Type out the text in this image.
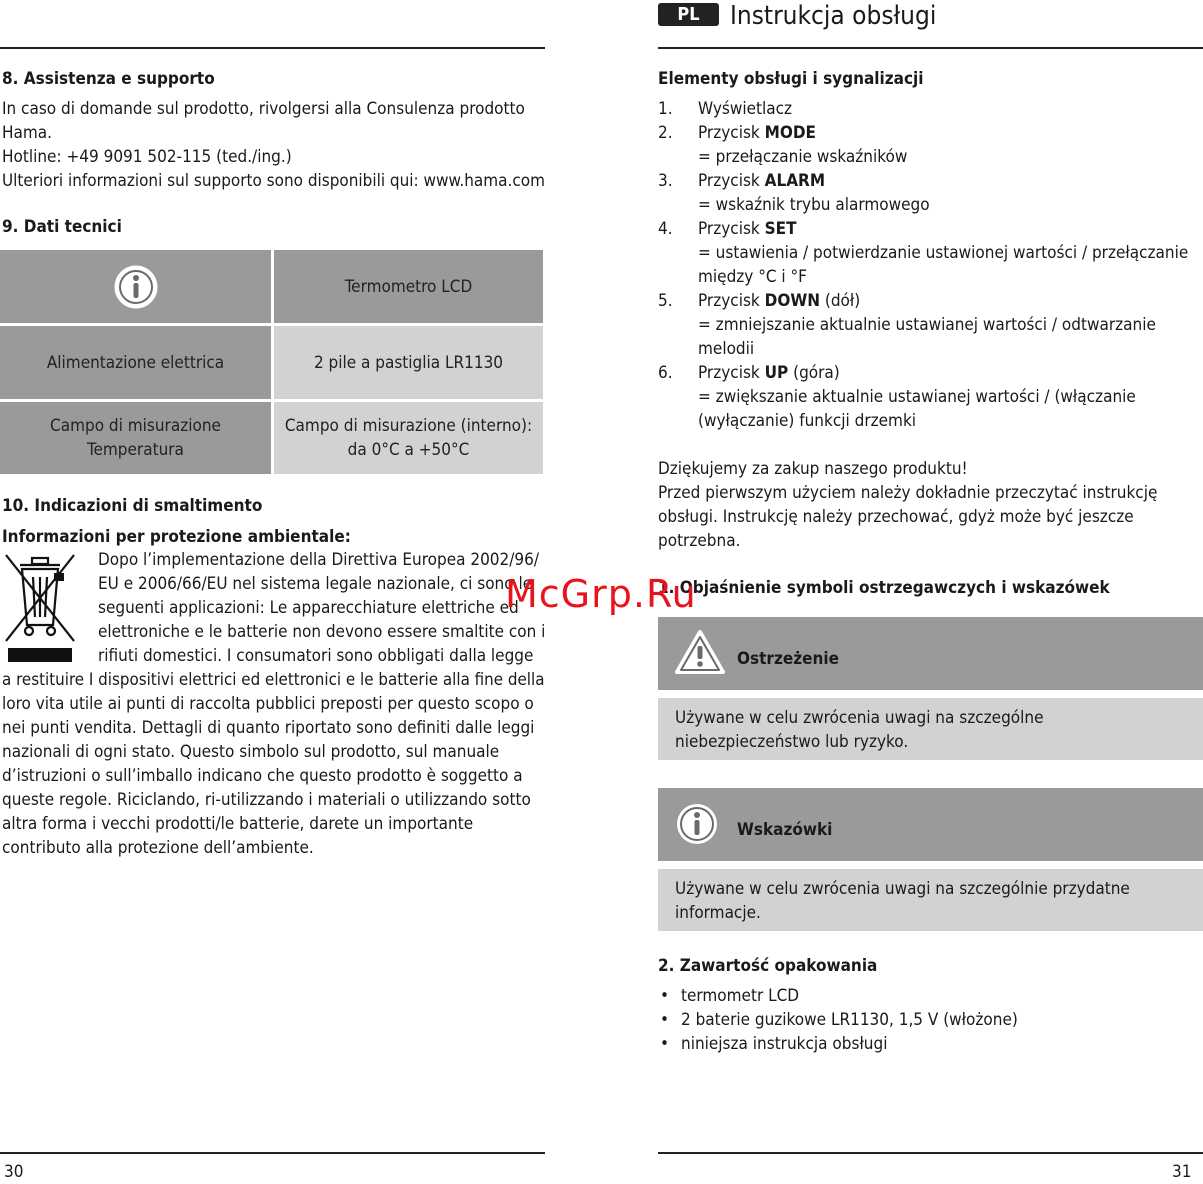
8. Assistenza e supporto
In caso di domande sul prodotto, rivolgersi alla Consulenza prodotto
Hama.
Hotline: +49 9091 502-115 (ted./ing.)
Ulteriori informazioni sul supporto sono disponibili qui: www.hama.com
9. Dati tecnici
Termometro LCD
Alimentazione elettrica	2 pile a pastiglia LR1130
Campo di misurazione
Temperatura
Campo di misurazione (interno):
da 0°C a +50°C
10. Indicazioni di smaltimento
Informazioni per protezione ambientale:
Dopo l’implementazione della Direttiva Europea 2002/96/
EU e 2006/66/EU nel sistema legale nazionale, ci sono le
seguenti applicazioni: Le apparecchiature elettriche ed
elettroniche e le batterie non devono essere smaltite con i
rifiuti domestici. I consumatori sono obbligati dalla legge
a restituire I dispositivi elettrici ed elettronici e le batterie alla fine della
loro vita utile ai punti di raccolta pubblici preposti per questo scopo o
nei punti vendita. Dettagli di quanto riportato sono definiti dalle leggi
nazionali di ogni stato. Questo simbolo sul prodotto, sul manuale
d’istruzioni o sull’imballo indicano che questo prodotto è soggetto a
queste regole. Riciclando, ri-utilizzando i materiali o utilizzando sotto
altra forma i vecchi prodotti/le batterie, darete un importante
contributo alla protezione dell’ambiente.
30
PL	Instrukcja obsługi
Elementy obsługi i sygnalizacji
1. Wyświetlacz
2. Przycisk MODE
= przełączanie wskaźników
3. Przycisk ALARM
= wskaźnik trybu alarmowego
4. Przycisk SET
= ustawienia / potwierdzanie ustawionej wartości / przełączanie
między °C i °F
5. Przycisk DOWN (dół)
= zmniejszanie aktualnie ustawianej wartości / odtwarzanie
melodii
6. Przycisk UP (góra)
= zwiększanie aktualnie ustawianej wartości / (włączanie
(wyłączanie) funkcji drzemki
Dziękujemy za zakup naszego produktu!
Przed pierwszym użyciem należy dokładnie przeczytać instrukcję
obsługi. Instrukcję należy przechować, gdyż może być jeszcze
potrzebna.
1. Objaśnienie symboli ostrzegawczych i wskazówek
Ostrzeżenie
Używane w celu zwrócenia uwagi na szczególne
niebezpieczeństwo lub ryzyko.
Wskazówki
Używane w celu zwrócenia uwagi na szczególnie przydatne
informacje.
2. Zawartość opakowania
• termometr LCD
• 2 baterie guzikowe LR1130, 1,5 V (włożone)
• niniejsza instrukcja obsługi
31
McGrp.Ru
